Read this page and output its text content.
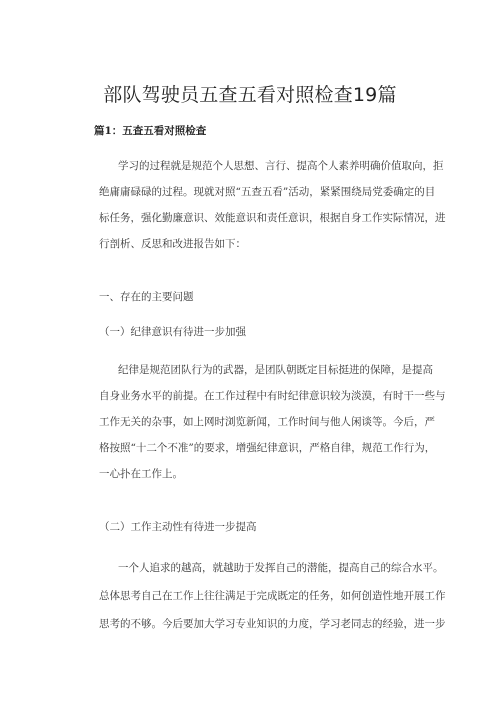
部队驾驶员五查五看对照检查19篇
篇1：五查五看对照检查
学习的过程就是规范个人思想、言行、提高个人素养明确价值取向，拒
绝庸庸碌碌的过程。现就对照“五查五看”活动，紧紧围绕局党委确定的目
标任务，强化勤廉意识、效能意识和责任意识，根据自身工作实际情况，进
行剖析、反思和改进报告如下：
一、存在的主要问题
（一）纪律意识有待进一步加强
纪律是规范团队行为的武器，是团队朝既定目标挺进的保障，是提高
自身业务水平的前提。在工作过程中有时纪律意识较为淡漠，有时干一些与
工作无关的杂事，如上网时浏览新闻，工作时间与他人闲谈等。今后，严
格按照“十二个不准”的要求，增强纪律意识，严格自律，规范工作行为，
一心扑在工作上。
（二）工作主动性有待进一步提高
一个人追求的越高，就越助于发挥自己的潜能，提高自己的综合水平。
总体思考自己在工作上往往满足于完成既定的任务，如何创造性地开展工作
思考的不够。今后要加大学习专业知识的力度，学习老同志的经验，进一步
